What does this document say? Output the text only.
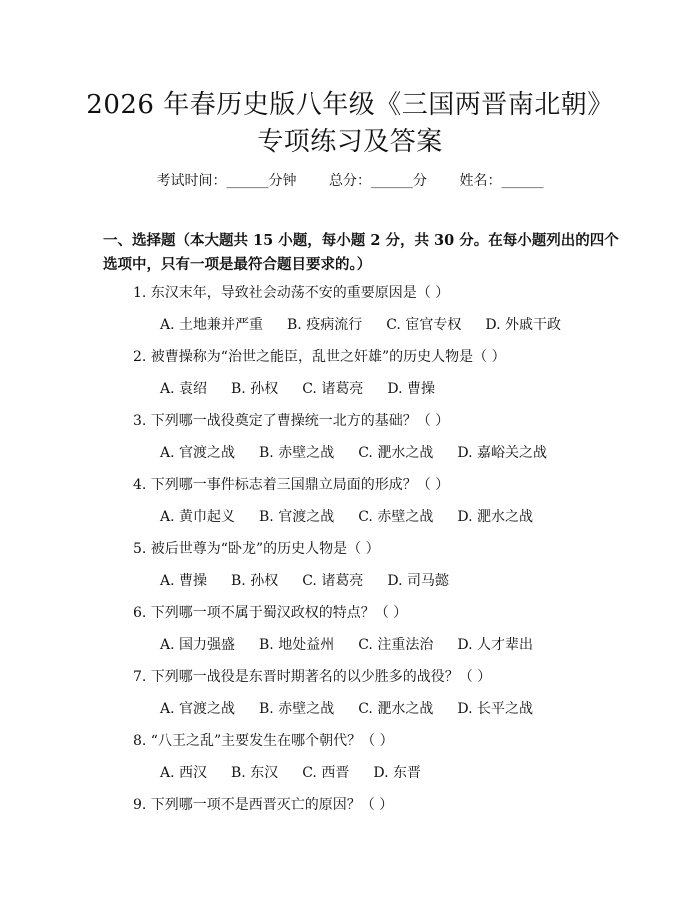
2026 年春历史版八年级《三国两晋南北朝》
专项练习及答案
考试时间：______分钟 总分：______分 姓名：______
一、选择题（本大题共 15 小题，每小题 2 分，共 30 分。在每小题列出的四个选项中，只有一项是最符合题目要求的。）
1. 东汉末年，导致社会动荡不安的重要原因是（ ）
A. 土地兼并严重 B. 疫病流行 C. 宦官专权 D. 外戚干政
2. 被曹操称为“治世之能臣，乱世之奸雄”的历史人物是（ ）
A. 袁绍 B. 孙权 C. 诸葛亮 D. 曹操
3. 下列哪一战役奠定了曹操统一北方的基础？（ ）
A. 官渡之战 B. 赤壁之战 C. 淝水之战 D. 嘉峪关之战
4. 下列哪一事件标志着三国鼎立局面的形成？（ ）
A. 黄巾起义 B. 官渡之战 C. 赤壁之战 D. 淝水之战
5. 被后世尊为“卧龙”的历史人物是（ ）
A. 曹操 B. 孙权 C. 诸葛亮 D. 司马懿
6. 下列哪一项不属于蜀汉政权的特点？（ ）
A. 国力强盛 B. 地处益州 C. 注重法治 D. 人才辈出
7. 下列哪一战役是东晋时期著名的以少胜多的战役？（ ）
A. 官渡之战 B. 赤壁之战 C. 淝水之战 D. 长平之战
8. “八王之乱”主要发生在哪个朝代？（ ）
A. 西汉 B. 东汉 C. 西晋 D. 东晋
9. 下列哪一项不是西晋灭亡的原因？（ ）
